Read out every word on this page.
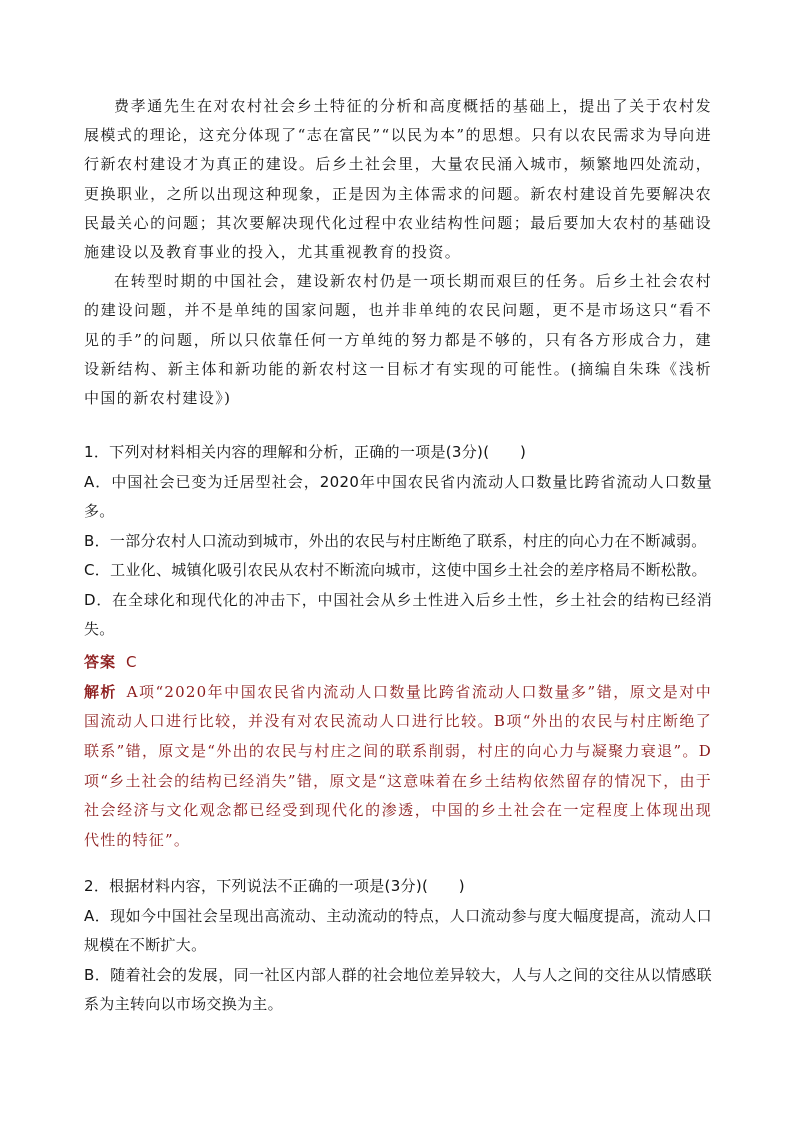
费孝通先生在对农村社会乡土特征的分析和高度概括的基础上，提出了关于农村发展模式的理论，这充分体现了“志在富民”“以民为本”的思想。只有以农民需求为导向进行新农村建设才为真正的建设。后乡土社会里，大量农民涌入城市，频繁地四处流动，更换职业，之所以出现这种现象，正是因为主体需求的问题。新农村建设首先要解决农民最关心的问题；其次要解决现代化过程中农业结构性问题；最后要加大农村的基础设施建设以及教育事业的投入，尤其重视教育的投资。

在转型时期的中国社会，建设新农村仍是一项长期而艰巨的任务。后乡土社会农村的建设问题，并不是单纯的国家问题，也并非单纯的农民问题，更不是市场这只“看不见的手”的问题，所以只依靠任何一方单纯的努力都是不够的，只有各方形成合力，建设新结构、新主体和新功能的新农村这一目标才有实现的可能性。(摘编自朱珠《浅析中国的新农村建设》)

1．下列对材料相关内容的理解和分析，正确的一项是(3分)(　　)

A．中国社会已变为迁居型社会，2020年中国农民省内流动人口数量比跨省流动人口数量多。

B．一部分农村人口流动到城市，外出的农民与村庄断绝了联系，村庄的向心力在不断减弱。

C．工业化、城镇化吸引农民从农村不断流向城市，这使中国乡土社会的差序格局不断松散。

D．在全球化和现代化的冲击下，中国社会从乡土性进入后乡土性，乡土社会的结构已经消失。

答案 C

解析 A项“2020年中国农民省内流动人口数量比跨省流动人口数量多”错，原文是对中国流动人口进行比较，并没有对农民流动人口进行比较。B项“外出的农民与村庄断绝了联系”错，原文是“外出的农民与村庄之间的联系削弱，村庄的向心力与凝聚力衰退”。D项“乡土社会的结构已经消失”错，原文是“这意味着在乡土结构依然留存的情况下，由于社会经济与文化观念都已经受到现代化的渗透，中国的乡土社会在一定程度上体现出现代性的特征”。

2．根据材料内容，下列说法不正确的一项是(3分)(　　)

A．现如今中国社会呈现出高流动、主动流动的特点，人口流动参与度大幅度提高，流动人口规模在不断扩大。

B．随着社会的发展，同一社区内部人群的社会地位差异较大，人与人之间的交往从以情感联系为主转向以市场交换为主。
